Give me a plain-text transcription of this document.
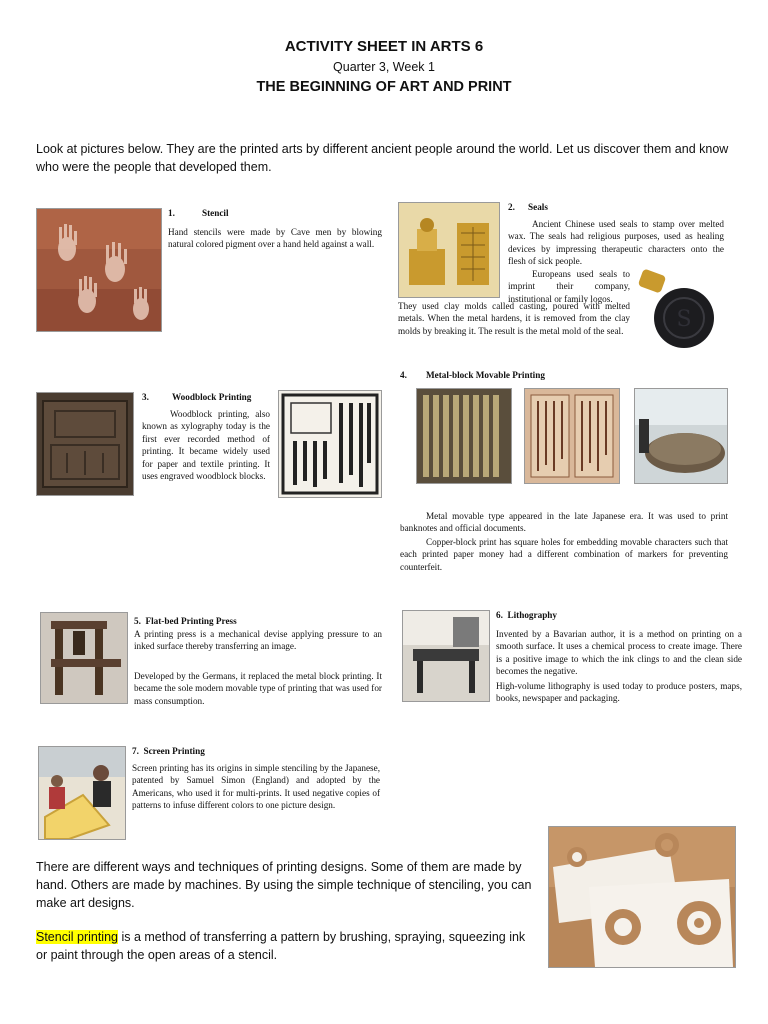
ACTIVITY SHEET IN ARTS 6
Quarter 3, Week 1
THE BEGINNING OF ART AND PRINT
Look at pictures below. They are the printed arts by different ancient people around the world. Let us discover them and know who were the people that developed them.
1.	Stencil
Hand stencils were made by Cave men by blowing natural colored pigment over a hand held against a wall.
2. Seals
Ancient Chinese used seals to stamp over melted wax. The seals had religious purposes, used as healing devices by impressing therapeutic characters onto the flesh of sick people.
Europeans used seals to imprint their company, institutional or family logos.
S
They used clay molds called casting, poured with melted metals. When the metal hardens, it is removed from the clay molds by breaking it. The result is the metal mold of the seal.
3.	Woodblock Printing
Woodblock printing, also known as xylography today is the first ever recorded method of printing. It became widely used for paper and textile printing. It uses engraved woodblock blocks.
4. Metal-block Movable Printing
Metal movable type appeared in the late Japanese era. It was used to print banknotes and official documents.
Copper-block print has square holes for embedding movable characters such that each printed paper money had a different combination of markers for preventing counterfeit.
5.  Flat-bed Printing Press
A printing press is a mechanical devise applying pressure to an inked surface thereby transferring an image.
Developed by the Germans, it replaced the metal block printing. It became the sole modern movable type of printing that was used for mass consumption.
6.  Lithography
Invented by a Bavarian author, it is a method on printing on a smooth surface. It uses a chemical process to create image. There is a positive image to which the ink clings to and the clean side becomes the negative.
High-volume lithography is used today to produce posters, maps, books, newspaper and packaging.
7.  Screen Printing
Screen printing has its origins in simple stenciling by the Japanese, patented by Samuel Simon (England) and adopted by the Americans, who used it for multi-prints. It used negative copies of patterns to infuse different colors to one picture design.
There are different ways and techniques of printing designs. Some of them are made by hand. Others are made by machines. By using the simple technique of stenciling, you can make art designs.
Stencil printing is a method of transferring a pattern by brushing, spraying, squeezing ink or paint through the open areas of a stencil.
